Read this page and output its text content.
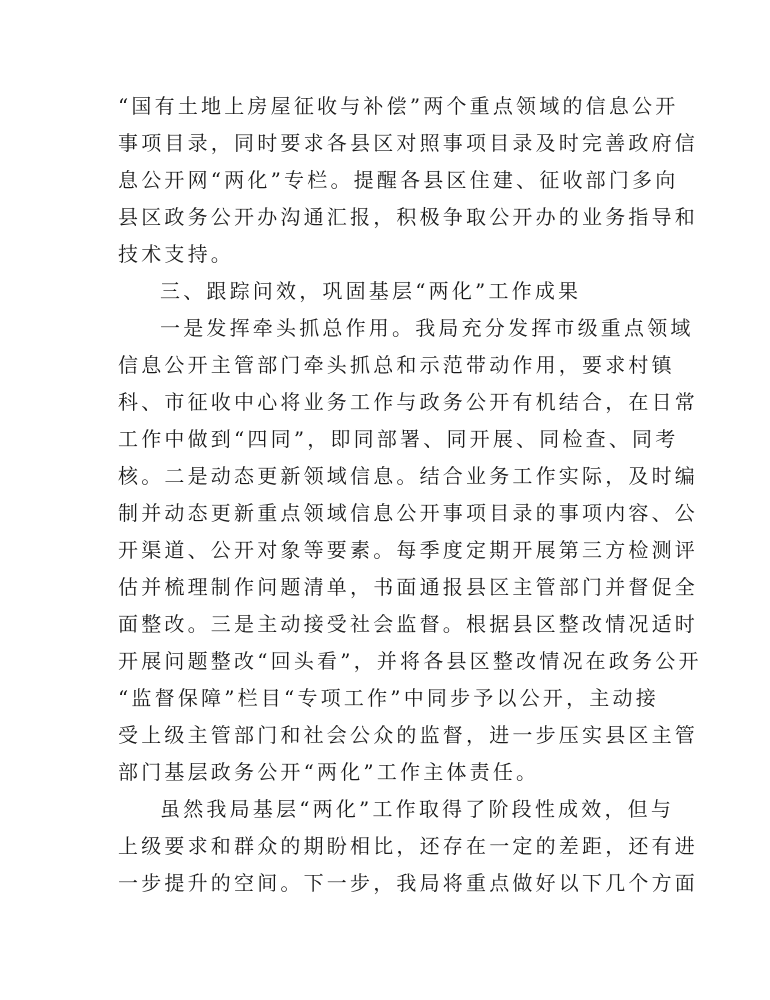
“国有土地上房屋征收与补偿”两个重点领域的信息公开
事项目录，同时要求各县区对照事项目录及时完善政府信
息公开网“两化”专栏。提醒各县区住建、征收部门多向
县区政务公开办沟通汇报，积极争取公开办的业务指导和
技术支持。
三、跟踪问效，巩固基层“两化”工作成果
一是发挥牵头抓总作用。我局充分发挥市级重点领域
信息公开主管部门牵头抓总和示范带动作用，要求村镇
科、市征收中心将业务工作与政务公开有机结合，在日常
工作中做到“四同”，即同部署、同开展、同检查、同考
核。二是动态更新领域信息。结合业务工作实际，及时编
制并动态更新重点领域信息公开事项目录的事项内容、公
开渠道、公开对象等要素。每季度定期开展第三方检测评
估并梳理制作问题清单，书面通报县区主管部门并督促全
面整改。三是主动接受社会监督。根据县区整改情况适时
开展问题整改“回头看”，并将各县区整改情况在政务公开
“监督保障”栏目“专项工作”中同步予以公开，主动接
受上级主管部门和社会公众的监督，进一步压实县区主管
部门基层政务公开“两化”工作主体责任。
虽然我局基层“两化”工作取得了阶段性成效，但与
上级要求和群众的期盼相比，还存在一定的差距，还有进
一步提升的空间。下一步，我局将重点做好以下几个方面
